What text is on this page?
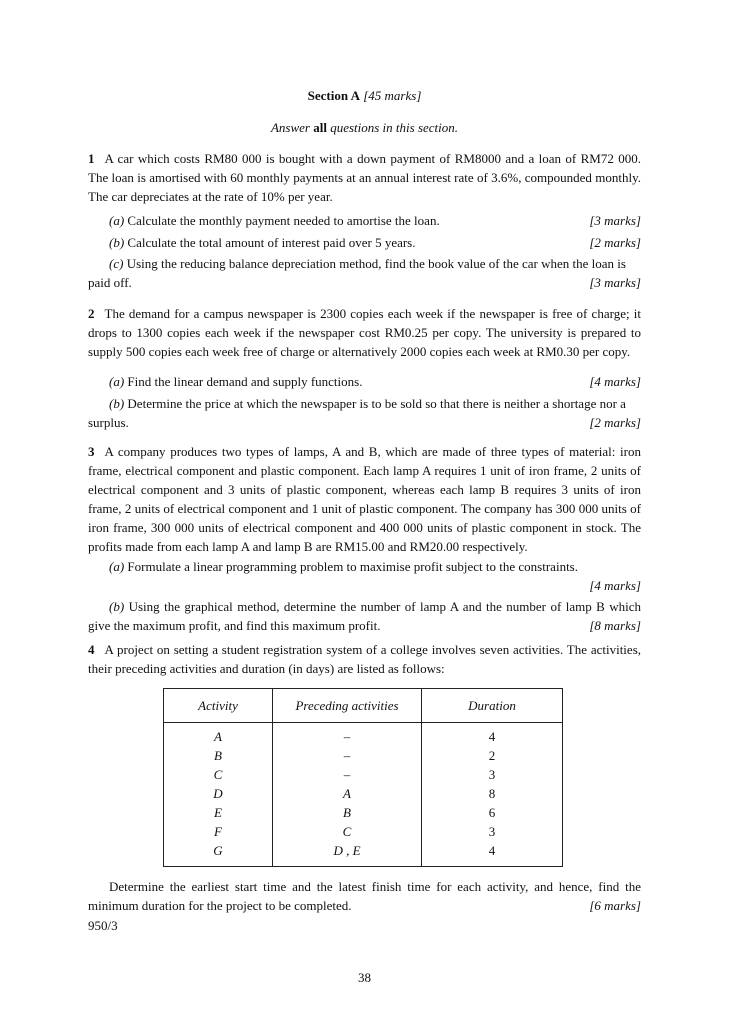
Section A [45 marks]
Answer all questions in this section.
1 A car which costs RM80 000 is bought with a down payment of RM8000 and a loan of RM72 000. The loan is amortised with 60 monthly payments at an annual interest rate of 3.6%, compounded monthly. The car depreciates at the rate of 10% per year.
(a) Calculate the monthly payment needed to amortise the loan.	[3 marks]
(b) Calculate the total amount of interest paid over 5 years.	[2 marks]
(c) Using the reducing balance depreciation method, find the book value of the car when the loan is paid off.	[3 marks]
2 The demand for a campus newspaper is 2300 copies each week if the newspaper is free of charge; it drops to 1300 copies each week if the newspaper cost RM0.25 per copy. The university is prepared to supply 500 copies each week free of charge or alternatively 2000 copies each week at RM0.30 per copy.
(a) Find the linear demand and supply functions.	[4 marks]
(b) Determine the price at which the newspaper is to be sold so that there is neither a shortage nor a surplus.	[2 marks]
3 A company produces two types of lamps, A and B, which are made of three types of material: iron frame, electrical component and plastic component. Each lamp A requires 1 unit of iron frame, 2 units of electrical component and 3 units of plastic component, whereas each lamp B requires 3 units of iron frame, 2 units of electrical component and 1 unit of plastic component. The company has 300 000 units of iron frame, 300 000 units of electrical component and 400 000 units of plastic component in stock. The profits made from each lamp A and lamp B are RM15.00 and RM20.00 respectively.
(a) Formulate a linear programming problem to maximise profit subject to the constraints.
[4 marks]
(b) Using the graphical method, determine the number of lamp A and the number of lamp B which give the maximum profit, and find this maximum profit.	[8 marks]
4 A project on setting a student registration system of a college involves seven activities. The activities, their preceding activities and duration (in days) are listed as follows:
Activity	Preceding activities	Duration
A	–	4
B	–	2
C	–	3
D	A	8
E	B	6
F	C	3
G	D , E	4
Determine the earliest start time and the latest finish time for each activity, and hence, find the minimum duration for the project to be completed.	[6 marks]
950/3
38
